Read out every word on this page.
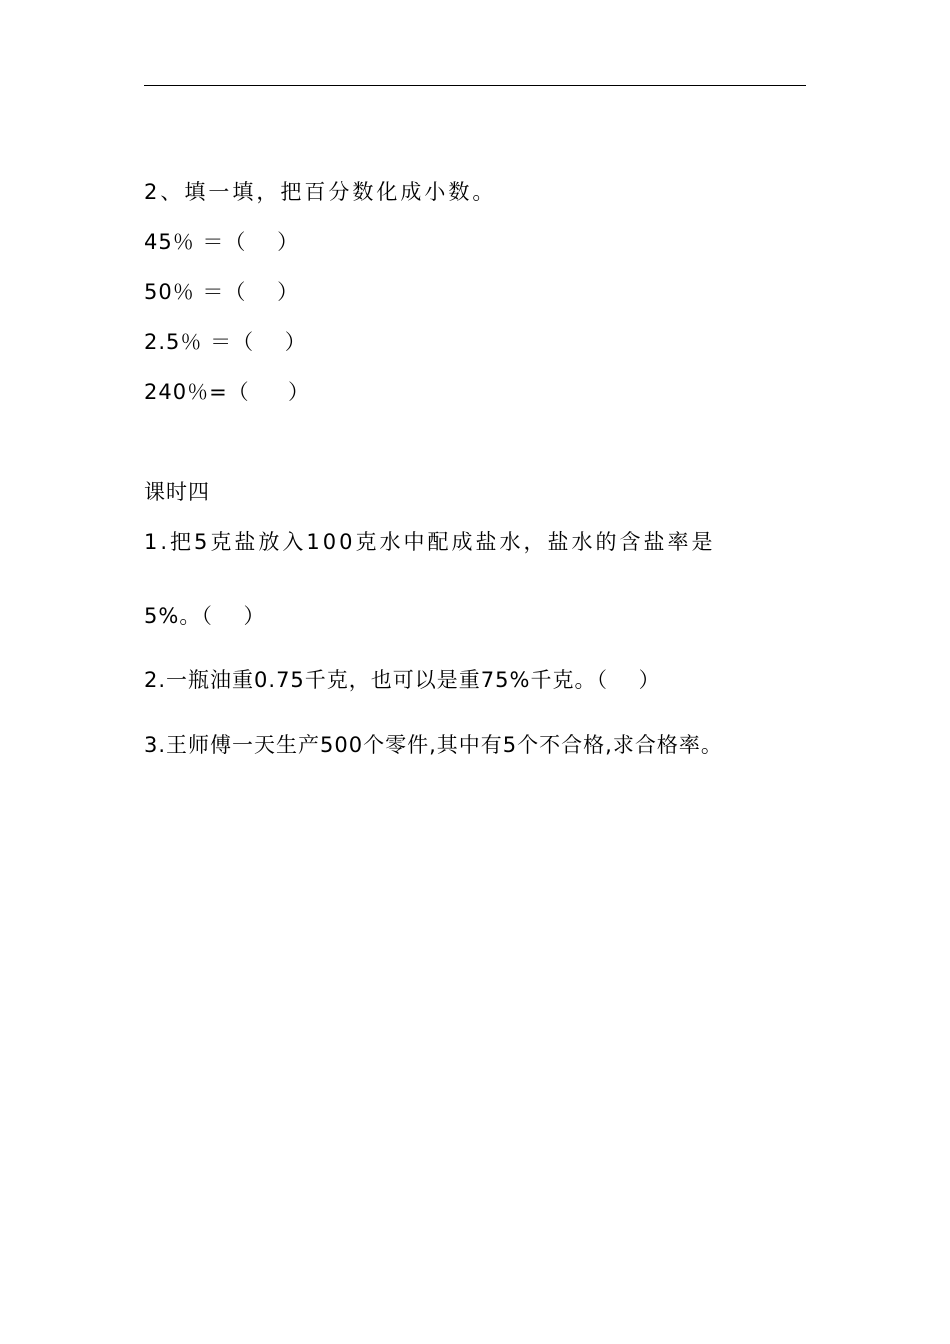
2、填一填，把百分数化成小数。
45％ ＝（    ）
50％ ＝（    ）
2.5％ ＝（    ）
240％=（     ）
课时四
1.把5克盐放入100克水中配成盐水，盐水的含盐率是
5%。（    ）
2.一瓶油重0.75千克，也可以是重75%千克。（    ）
3.王师傅一天生产500个零件,其中有5个不合格,求合格率。
